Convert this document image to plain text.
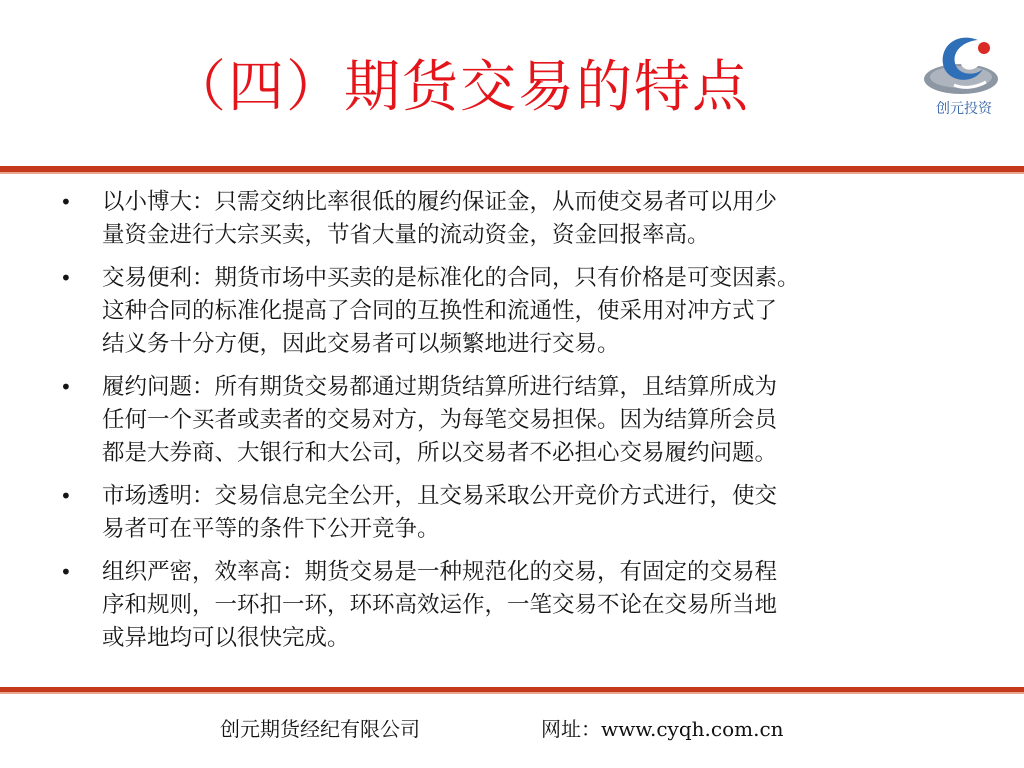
（四）期货交易的特点	创元投资
•	以小博大：只需交纳比率很低的履约保证金，从而使交易者可以用少
量资金进行大宗买卖，节省大量的流动资金，资金回报率高。
•	交易便利：期货市场中买卖的是标准化的合同，只有价格是可变因素。
这种合同的标准化提高了合同的互换性和流通性，使采用对冲方式了
结义务十分方便，因此交易者可以频繁地进行交易。
•	履约问题：所有期货交易都通过期货结算所进行结算，且结算所成为
任何一个买者或卖者的交易对方，为每笔交易担保。因为结算所会员
都是大券商、大银行和大公司，所以交易者不必担心交易履约问题。
•	市场透明：交易信息完全公开，且交易采取公开竞价方式进行，使交
易者可在平等的条件下公开竞争。
•	组织严密，效率高：期货交易是一种规范化的交易，有固定的交易程
序和规则，一环扣一环，环环高效运作，一笔交易不论在交易所当地
或异地均可以很快完成。
创元期货经纪有限公司	网址：www.cyqh.com.cn
